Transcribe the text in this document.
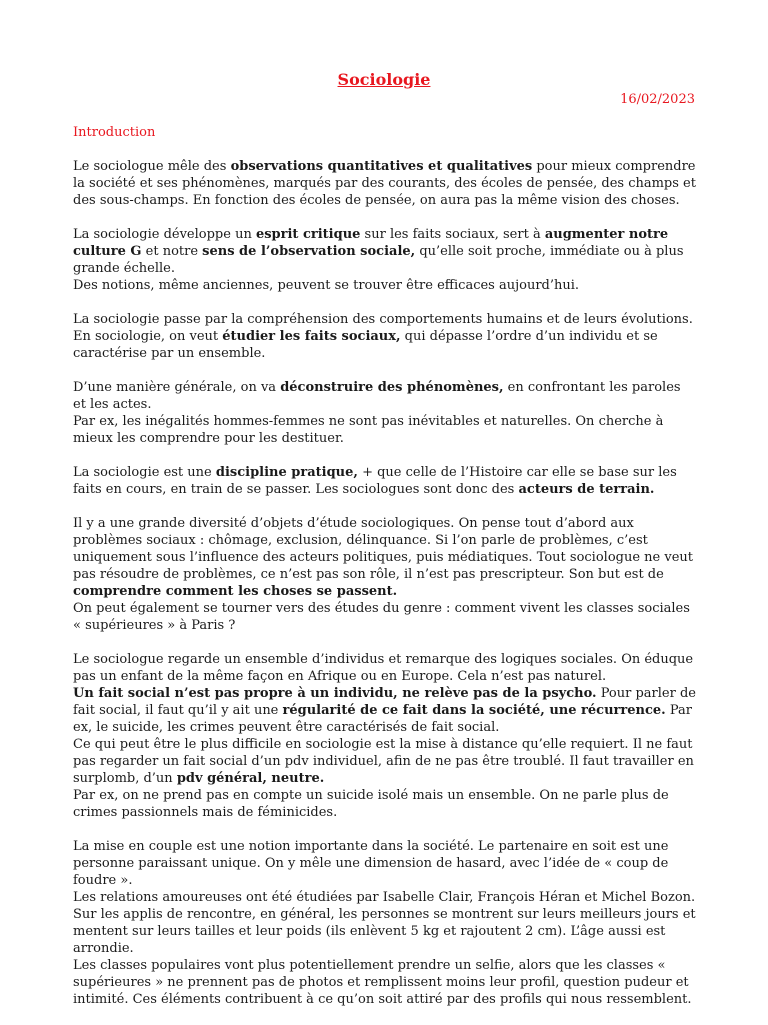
Sociologie
16/02/2023
Introduction

Le sociologue mêle des observations quantitatives et qualitatives pour mieux comprendre la société et ses phénomènes, marqués par des courants, des écoles de pensée, des champs et des sous-champs. En fonction des écoles de pensée, on aura pas la même vision des choses.

La sociologie développe un esprit critique sur les faits sociaux, sert à augmenter notre culture G et notre sens de l’observation sociale, qu’elle soit proche, immédiate ou à plus grande échelle.
Des notions, même anciennes, peuvent se trouver être efficaces aujourd’hui.

La sociologie passe par la compréhension des comportements humains et de leurs évolutions.
En sociologie, on veut étudier les faits sociaux, qui dépasse l’ordre d’un individu et se caractérise par un ensemble.

D’une manière générale, on va déconstruire des phénomènes, en confrontant les paroles et les actes.
Par ex, les inégalités hommes-femmes ne sont pas inévitables et naturelles. On cherche à mieux les comprendre pour les destituer.

La sociologie est une discipline pratique, + que celle de l’Histoire car elle se base sur les faits en cours, en train de se passer. Les sociologues sont donc des acteurs de terrain.

Il y a une grande diversité d’objets d’étude sociologiques. On pense tout d’abord aux problèmes sociaux : chômage, exclusion, délinquance. Si l’on parle de problèmes, c’est uniquement sous l’influence des acteurs politiques, puis médiatiques. Tout sociologue ne veut pas résoudre de problèmes, ce n’est pas son rôle, il n’est pas prescripteur. Son but est de comprendre comment les choses se passent.
On peut également se tourner vers des études du genre : comment vivent les classes sociales « supérieures » à Paris ?

Le sociologue regarde un ensemble d’individus et remarque des logiques sociales. On éduque pas un enfant de la même façon en Afrique ou en Europe. Cela n’est pas naturel.
Un fait social n’est pas propre à un individu, ne relève pas de la psycho. Pour parler de fait social, il faut qu’il y ait une régularité de ce fait dans la société, une récurrence. Par ex, le suicide, les crimes peuvent être caractérisés de fait social.
Ce qui peut être le plus difficile en sociologie est la mise à distance qu’elle requiert. Il ne faut pas regarder un fait social d’un pdv individuel, afin de ne pas être troublé. Il faut travailler en surplomb, d’un pdv général, neutre.
Par ex, on ne prend pas en compte un suicide isolé mais un ensemble. On ne parle plus de crimes passionnels mais de féminicides.

La mise en couple est une notion importante dans la société. Le partenaire en soit est une personne paraissant unique. On y mêle une dimension de hasard, avec l’idée de « coup de foudre ».
Les relations amoureuses ont été étudiées par Isabelle Clair, François Héran et Michel Bozon.
Sur les applis de rencontre, en général, les personnes se montrent sur leurs meilleurs jours et mentent sur leurs tailles et leur poids (ils enlèvent 5 kg et rajoutent 2 cm). L’âge aussi est arrondie.
Les classes populaires vont plus potentiellement prendre un selfie, alors que les classes « supérieures » ne prennent pas de photos et remplissent moins leur profil, question pudeur et intimité. Ces éléments contribuent à ce qu’on soit attiré par des profils qui nous ressemblent.
